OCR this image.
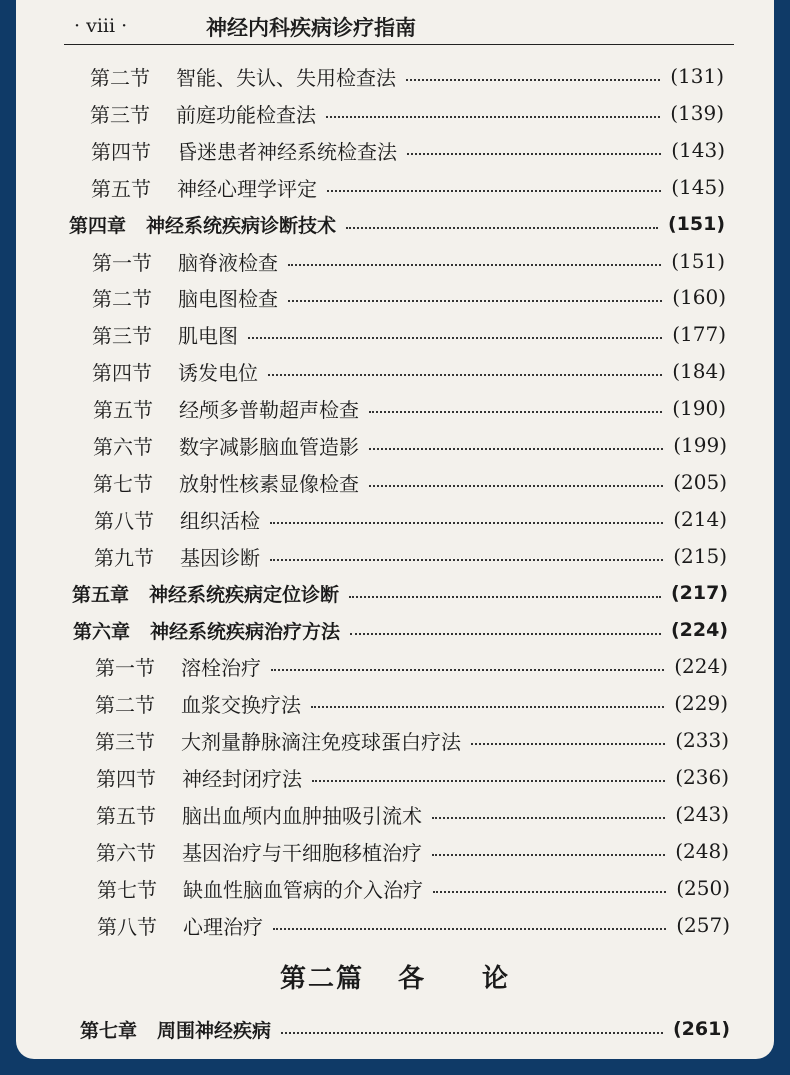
· viii ·	神经内科疾病诊疗指南
第二节 智能、失认、失用检查法	(131)
第三节 前庭功能检查法	(139)
第四节 昏迷患者神经系统检查法	(143)
第五节 神经心理学评定	(145)
第四章 神经系统疾病诊断技术	(151)
第一节 脑脊液检查	(151)
第二节 脑电图检查	(160)
第三节 肌电图	(177)
第四节 诱发电位	(184)
第五节 经颅多普勒超声检查	(190)
第六节 数字减影脑血管造影	(199)
第七节 放射性核素显像检查	(205)
第八节 组织活检	(214)
第九节 基因诊断	(215)
第五章 神经系统疾病定位诊断	(217)
第六章 神经系统疾病治疗方法	(224)
第一节 溶栓治疗	(224)
第二节 血浆交换疗法	(229)
第三节 大剂量静脉滴注免疫球蛋白疗法	(233)
第四节 神经封闭疗法	(236)
第五节 脑出血颅内血肿抽吸引流术	(243)
第六节 基因治疗与干细胞移植治疗	(248)
第七节 缺血性脑血管病的介入治疗	(250)
第八节 心理治疗	(257)
第二篇 各 论
第七章 周围神经疾病	(261)
